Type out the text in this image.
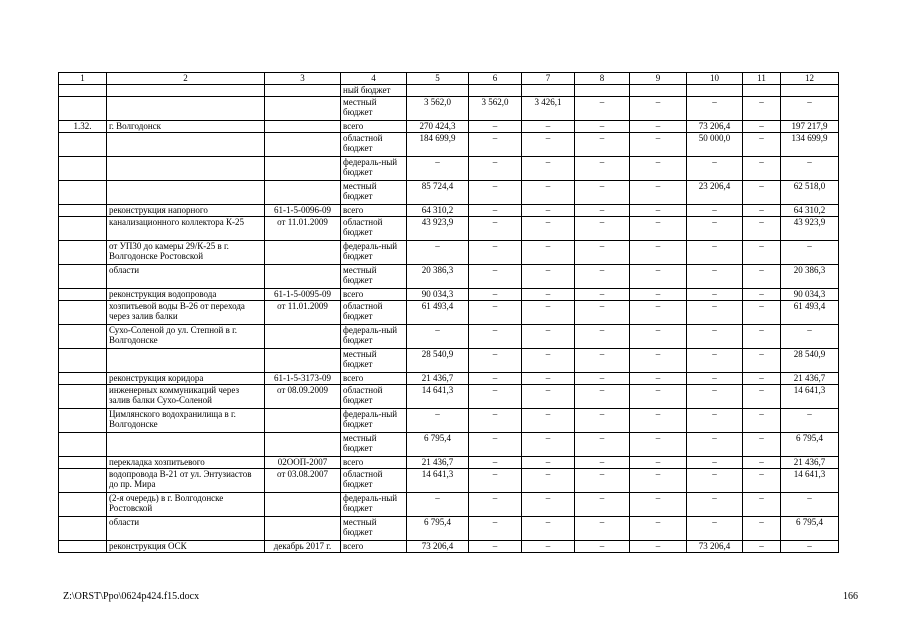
1	2	3	4	5	6	7	8	9	10	11	12
			ный бюджет								
			местный бюджет	3 562,0	3 562,0	3 426,1	–	–	–	–	–
1.32.	г. Волгодонск		всего	270 424,3	–	–	–	–	73 206,4	–	197 217,9
			областной бюджет	184 699,9	–	–	–	–	50 000,0	–	134 699,9
			федераль-ный бюджет	–	–	–	–	–	–	–	–
			местный бюджет	85 724,4	–	–	–	–	23 206,4	–	62 518,0
	реконструкция напорного	61-1-5-0096-09	всего	64 310,2	–	–	–	–	–	–	64 310,2
	канализационного коллектора К-25	от 11.01.2009	областной бюджет	43 923,9	–	–	–	–	–	–	43 923,9
	от УП30 до камеры 29/К-25 в г. Волгодонске Ростовской		федераль-ный бюджет	–	–	–	–	–	–	–	–
	области		местный бюджет	20 386,3	–	–	–	–	–	–	20 386,3
	реконструкция водопровода	61-1-5-0095-09	всего	90 034,3	–	–	–	–	–	–	90 034,3
	хозпитьевой воды В-26 от переходa через залив балки	от 11.01.2009	областной бюджет	61 493,4	–	–	–	–	–	–	61 493,4
	Сухо-Соленой до ул. Степной в г. Волгодонске		федераль-ный бюджет	–	–	–	–	–	–	–	–
			местный бюджет	28 540,9	–	–	–	–	–	–	28 540,9
	реконструкция коридора	61-1-5-3173-09	всего	21 436,7	–	–	–	–	–	–	21 436,7
	инженерных коммуникаций через залив балки Сухо-Соленой	от 08.09.2009	областной бюджет	14 641,3	–	–	–	–	–	–	14 641,3
	Цимлянского водохранилища в г. Волгодонске		федераль-ный бюджет	–	–	–	–	–	–	–	–
			местный бюджет	6 795,4	–	–	–	–	–	–	6 795,4
	перекладка хозпитьевого	02ООП-2007	всего	21 436,7	–	–	–	–	–	–	21 436,7
	водопровода В-21 от ул. Энтузиастов до пр. Мира	от 03.08.2007	областной бюджет	14 641,3	–	–	–	–	–	–	14 641,3
	(2-я очередь) в г. Волгодонске Ростовской		федераль-ный бюджет	–	–	–	–	–	–	–	–
	области		местный бюджет	6 795,4	–	–	–	–	–	–	6 795,4
	реконструкция ОСК	декабрь 2017 г.	всего	73 206,4	–	–	–	–	73 206,4	–	–
Z:\ORST\Ppo\0624p424.f15.docx	166
